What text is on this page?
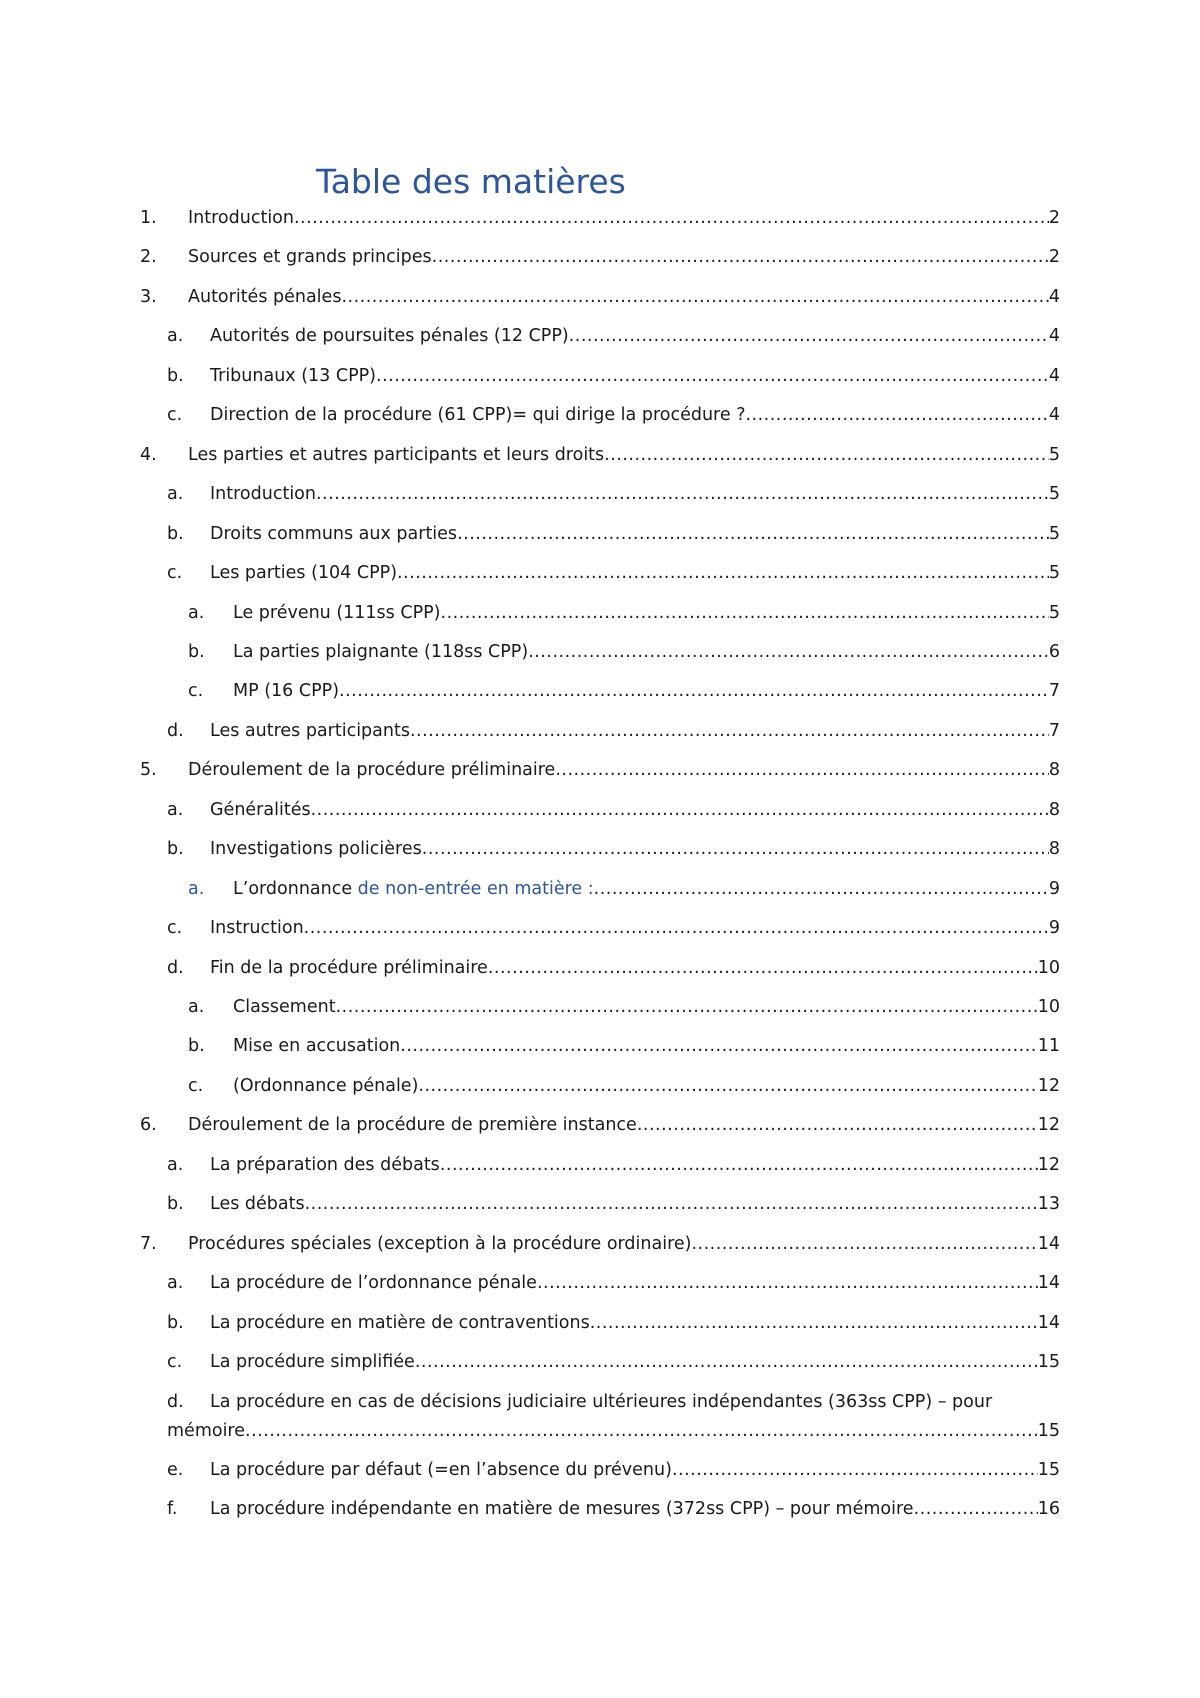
Table des matières
1. Introduction .....	2
2. Sources et grands principes .....	2
3. Autorités pénales .....	4
a. Autorités de poursuites pénales (12 CPP) .....	4
b. Tribunaux (13 CPP) .....	4
c. Direction de la procédure (61 CPP)= qui dirige la procédure ? .....	4
4. Les parties et autres participants et leurs droits .....	5
a. Introduction .....	5
b. Droits communs aux parties .....	5
c. Les parties (104 CPP) .....	5
a. Le prévenu (111ss CPP) .....	5
b. La parties plaignante (118ss CPP) .....	6
c. MP (16 CPP) .....	7
d. Les autres participants .....	7
5. Déroulement de la procédure préliminaire .....	8
a. Généralités .....	8
b. Investigations policières .....	8
a. L’ordonnance de non-entrée en matière : .....	9
c. Instruction .....	9
d. Fin de la procédure préliminaire .....	10
a. Classement .....	10
b. Mise en accusation .....	11
c. (Ordonnance pénale) .....	12
6. Déroulement de la procédure de première instance .....	12
a. La préparation des débats .....	12
b. Les débats .....	13
7. Procédures spéciales (exception à la procédure ordinaire) .....	14
a. La procédure de l’ordonnance pénale .....	14
b. La procédure en matière de contraventions .....	14
c. La procédure simplifiée .....	15
d. La procédure en cas de décisions judiciaire ultérieures indépendantes (363ss CPP) – pour
mémoire .....	15
e. La procédure par défaut (=en l’absence du prévenu) .....	15
f. La procédure indépendante en matière de mesures (372ss CPP) – pour mémoire .....	16
